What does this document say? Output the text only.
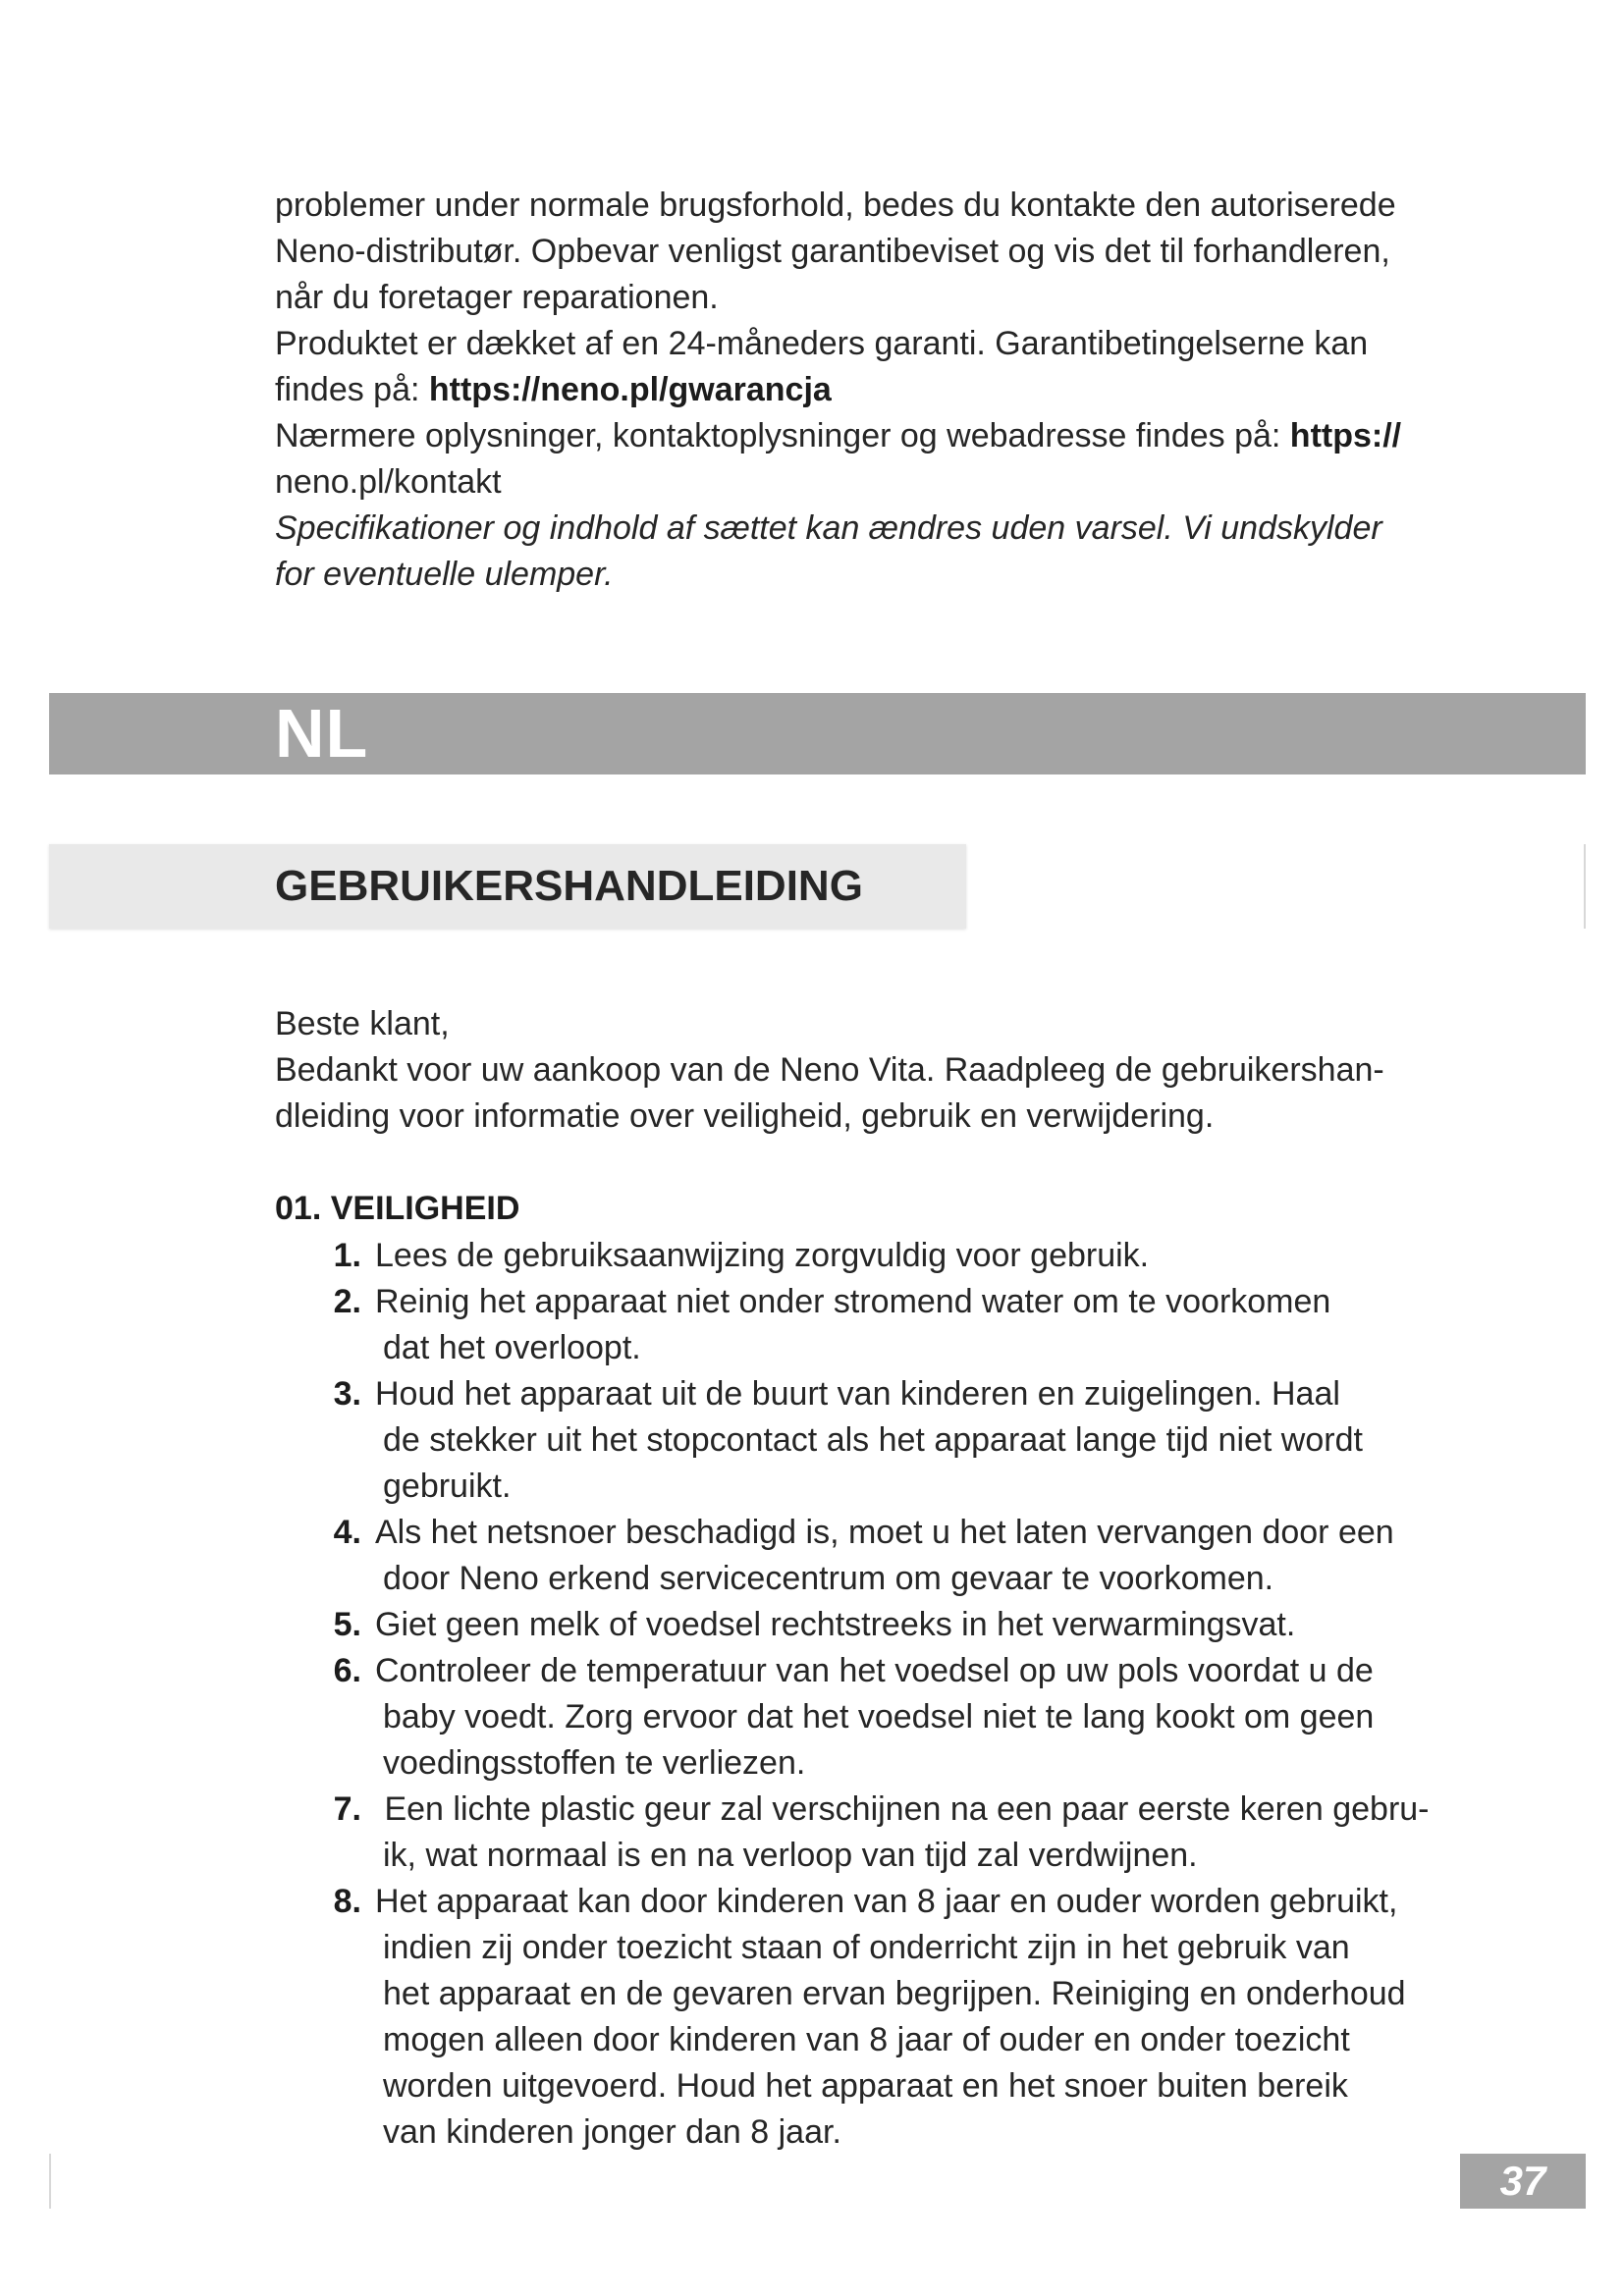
problemer under normale brugsforhold, bedes du kontakte den autoriserede
Neno-distributør. Opbevar venligst garantibeviset og vis det til forhandleren,
når du foretager reparationen.
Produktet er dækket af en 24-måneders garanti. Garantibetingelserne kan
findes på: https://neno.pl/gwarancja
Nærmere oplysninger, kontaktoplysninger og webadresse findes på: https://
neno.pl/kontakt
Specifikationer og indhold af sættet kan ændres uden varsel. Vi undskylder
for eventuelle ulemper.
NL
GEBRUIKERSHANDLEIDING
Beste klant,
Bedankt voor uw aankoop van de Neno Vita. Raadpleeg de gebruikershan-
dleiding voor informatie over veiligheid, gebruik en verwijdering.
01. VEILIGHEID
1. Lees de gebruiksaanwijzing zorgvuldig voor gebruik.
2. Reinig het apparaat niet onder stromend water om te voorkomen
dat het overloopt.
3. Houd het apparaat uit de buurt van kinderen en zuigelingen. Haal
de stekker uit het stopcontact als het apparaat lange tijd niet wordt
gebruikt.
4. Als het netsnoer beschadigd is, moet u het laten vervangen door een
door Neno erkend servicecentrum om gevaar te voorkomen.
5. Giet geen melk of voedsel rechtstreeks in het verwarmingsvat.
6. Controleer de temperatuur van het voedsel op uw pols voordat u de
baby voedt. Zorg ervoor dat het voedsel niet te lang kookt om geen
voedingsstoffen te verliezen.
7. Een lichte plastic geur zal verschijnen na een paar eerste keren gebru-
ik, wat normaal is en na verloop van tijd zal verdwijnen.
8. Het apparaat kan door kinderen van 8 jaar en ouder worden gebruikt,
indien zij onder toezicht staan of onderricht zijn in het gebruik van
het apparaat en de gevaren ervan begrijpen. Reiniging en onderhoud
mogen alleen door kinderen van 8 jaar of ouder en onder toezicht
worden uitgevoerd. Houd het apparaat en het snoer buiten bereik
van kinderen jonger dan 8 jaar.
37
